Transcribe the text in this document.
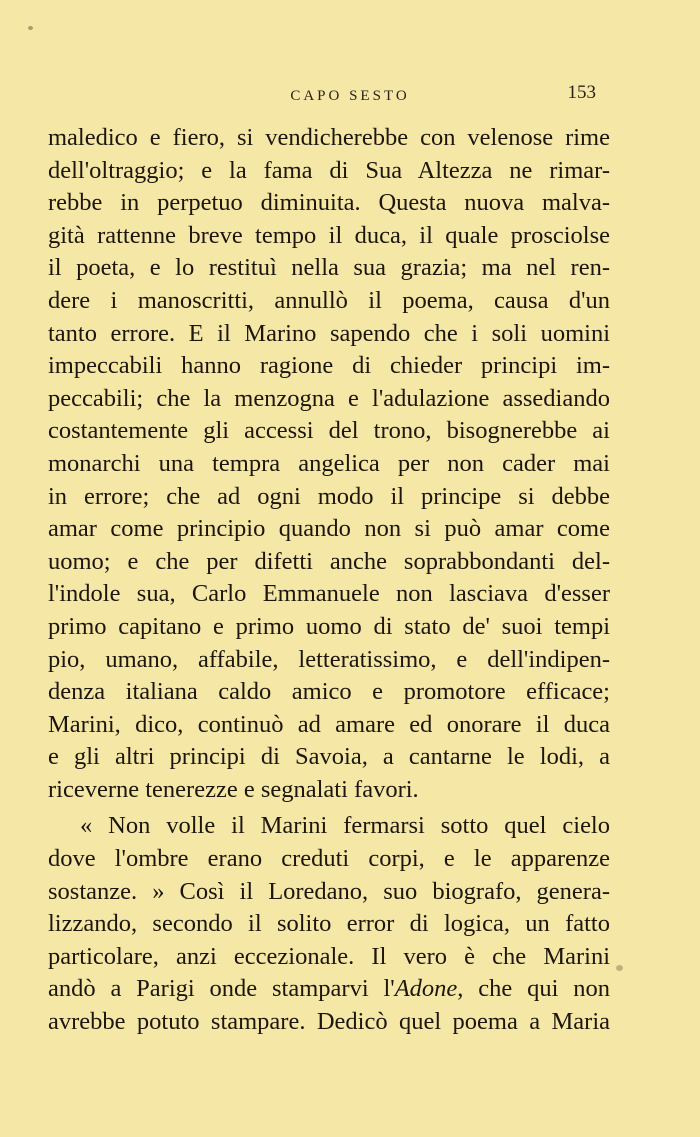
CAPO SESTO	153
maledico e fiero, si vendicherebbe con velenose rime
dell'oltraggio; e la fama di Sua Altezza ne rimar-
rebbe in perpetuo diminuita. Questa nuova malva-
gità rattenne breve tempo il duca, il quale prosciolse
il poeta, e lo restituì nella sua grazia; ma nel ren-
dere i manoscritti, annullò il poema, causa d'un
tanto errore. E il Marino sapendo che i soli uomini
impeccabili hanno ragione di chieder principi im-
peccabili; che la menzogna e l'adulazione assediando
costantemente gli accessi del trono, bisognerebbe ai
monarchi una tempra angelica per non cader mai
in errore; che ad ogni modo il principe si debbe
amar come principio quando non si può amar come
uomo; e che per difetti anche soprabbondanti del-
l'indole sua, Carlo Emmanuele non lasciava d'esser
primo capitano e primo uomo di stato de' suoi tempi
pio, umano, affabile, letteratissimo, e dell'indipen-
denza italiana caldo amico e promotore efficace;
Marini, dico, continuò ad amare ed onorare il duca
e gli altri principi di Savoia, a cantarne le lodi, a
riceverne tenerezze e segnalati favori.
« Non volle il Marini fermarsi sotto quel cielo
dove l'ombre erano creduti corpi, e le apparenze
sostanze. » Così il Loredano, suo biografo, genera-
lizzando, secondo il solito error di logica, un fatto
particolare, anzi eccezionale. Il vero è che Marini
andò a Parigi onde stamparvi l'Adone, che qui non
avrebbe potuto stampare. Dedicò quel poema a Maria
